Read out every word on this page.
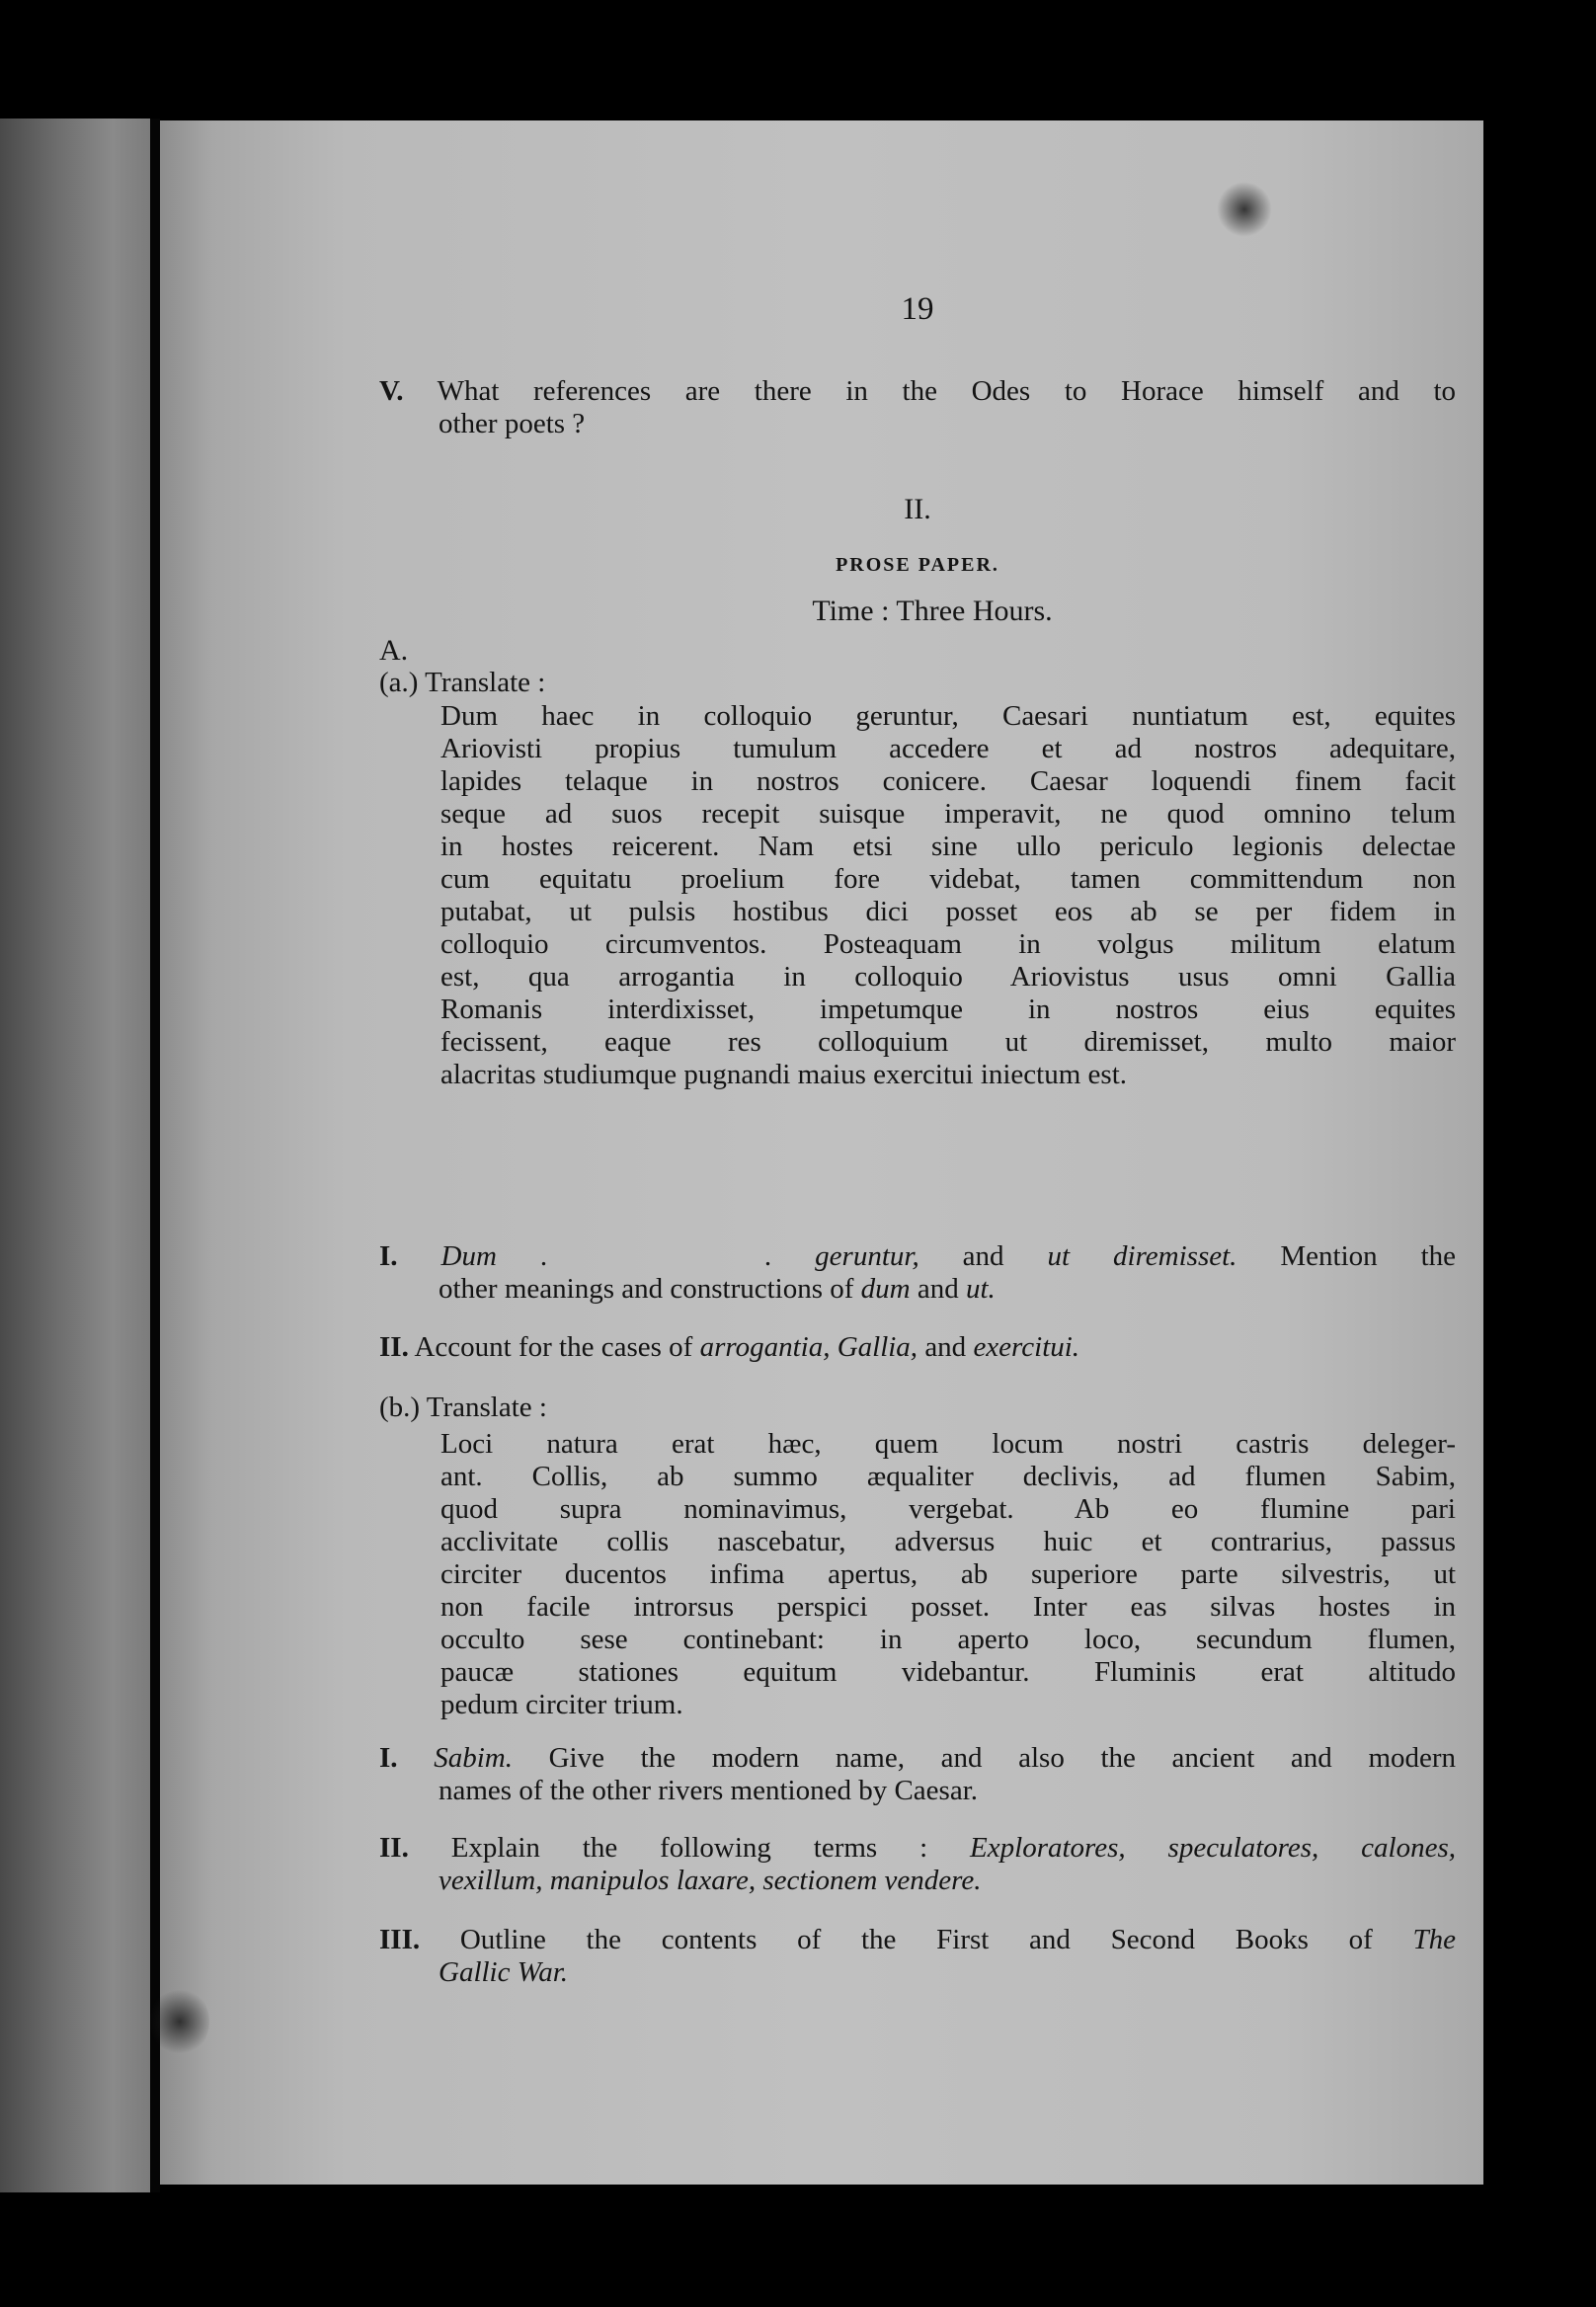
19
V. What references are there in the Odes to Horace himself and to
other poets ?
II.
PROSE PAPER.
Time : Three Hours.
A.
(a.) Translate :
Dum haec in colloquio geruntur, Caesari nuntiatum est, equites
Ariovisti propius tumulum accedere et ad nostros adequitare,
lapides telaque in nostros conicere. Caesar loquendi finem facit
seque ad suos recepit suisque imperavit, ne quod omnino telum
in hostes reicerent. Nam etsi sine ullo periculo legionis delectae
cum equitatu proelium fore videbat, tamen committendum non
putabat, ut pulsis hostibus dici posset eos ab se per fidem in
colloquio circumventos. Posteaquam in volgus militum elatum
est, qua arrogantia in colloquio Ariovistus usus omni Gallia
Romanis interdixisset, impetumque in nostros eius equites
fecissent, eaque res colloquium ut diremisset, multo maior
alacritas studiumque pugnandi maius exercitui iniectum est.
I. Dum .     . geruntur, and ut diremisset. Mention the
other meanings and constructions of dum and ut.
II. Account for the cases of arrogantia, Gallia, and exercitui.
(b.) Translate :
Loci natura erat hæc, quem locum nostri castris deleger-
ant. Collis, ab summo æqualiter declivis, ad flumen Sabim,
quod supra nominavimus, vergebat. Ab eo flumine pari
acclivitate collis nascebatur, adversus huic et contrarius, passus
circiter ducentos infima apertus, ab superiore parte silvestris, ut
non facile introrsus perspici posset. Inter eas silvas hostes in
occulto sese continebant: in aperto loco, secundum flumen,
paucæ stationes equitum videbantur. Fluminis erat altitudo
pedum circiter trium.
I. Sabim. Give the modern name, and also the ancient and modern
names of the other rivers mentioned by Caesar.
II. Explain the following terms : Exploratores, speculatores, calones,
vexillum, manipulos laxare, sectionem vendere.
III. Outline the contents of the First and Second Books of The
Gallic War.
